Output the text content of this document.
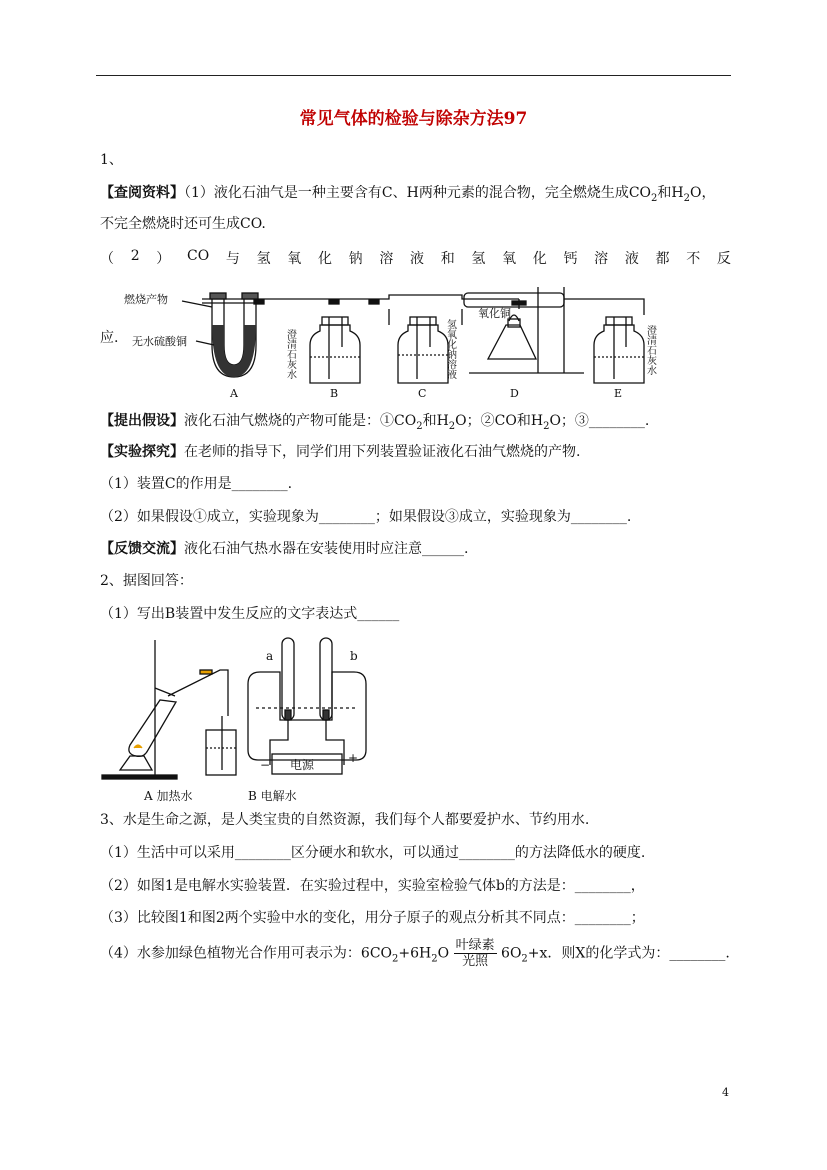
常见气体的检验与除杂方法97
1、
【查阅资料】（1）液化石油气是一种主要含有C、H两种元素的混合物，完全燃烧生成$CO_2$和$H_2O$，
不完全燃烧时还可生成CO.
（ 2 ） CO 与 氢 氧 化 钠 溶 液 和 氢 氧 化 钙 溶 液 都 不 反
燃烧产物
无水硫酸铜
氧化铜
A	B	C	D	E
澄清石灰水	氢氧化钠溶液	澄清石灰水
应.
【提出假设】液化石油气燃烧的产物可能是：$①CO_2$和$H_2O$；②CO和$H_2O$；③________.
【实验探究】在老师的指导下，同学们用下列装置验证液化石油气燃烧的产物.
（1）装置C的作用是________.
（2）如果假设①成立，实验现象为________；如果假设③成立，实验现象为________.
【反馈交流】液化石油气热水器在安装使用时应注意______.
2、据图回答：
（1）写出B装置中发生反应的文字表达式______
a	b
电源
−	+
A 加热水	B 电解水
3、水是生命之源，是人类宝贵的自然资源，我们每个人都要爱护水、节约用水.
（1）生活中可以采用________区分硬水和软水，可以通过________的方法降低水的硬度.
（2）如图1是电解水实验装置．在实验过程中，实验室检验气体b的方法是：________，
（3）比较图1和图2两个实验中水的变化，用分子原子的观点分析其不同点：________；
（4）水参加绿色植物光合作用可表示为：$6CO_2+6H_2O \frac{\text{叶绿素}}{\text{光照}} 6O_2+x$．则X的化学式为：________.
4
